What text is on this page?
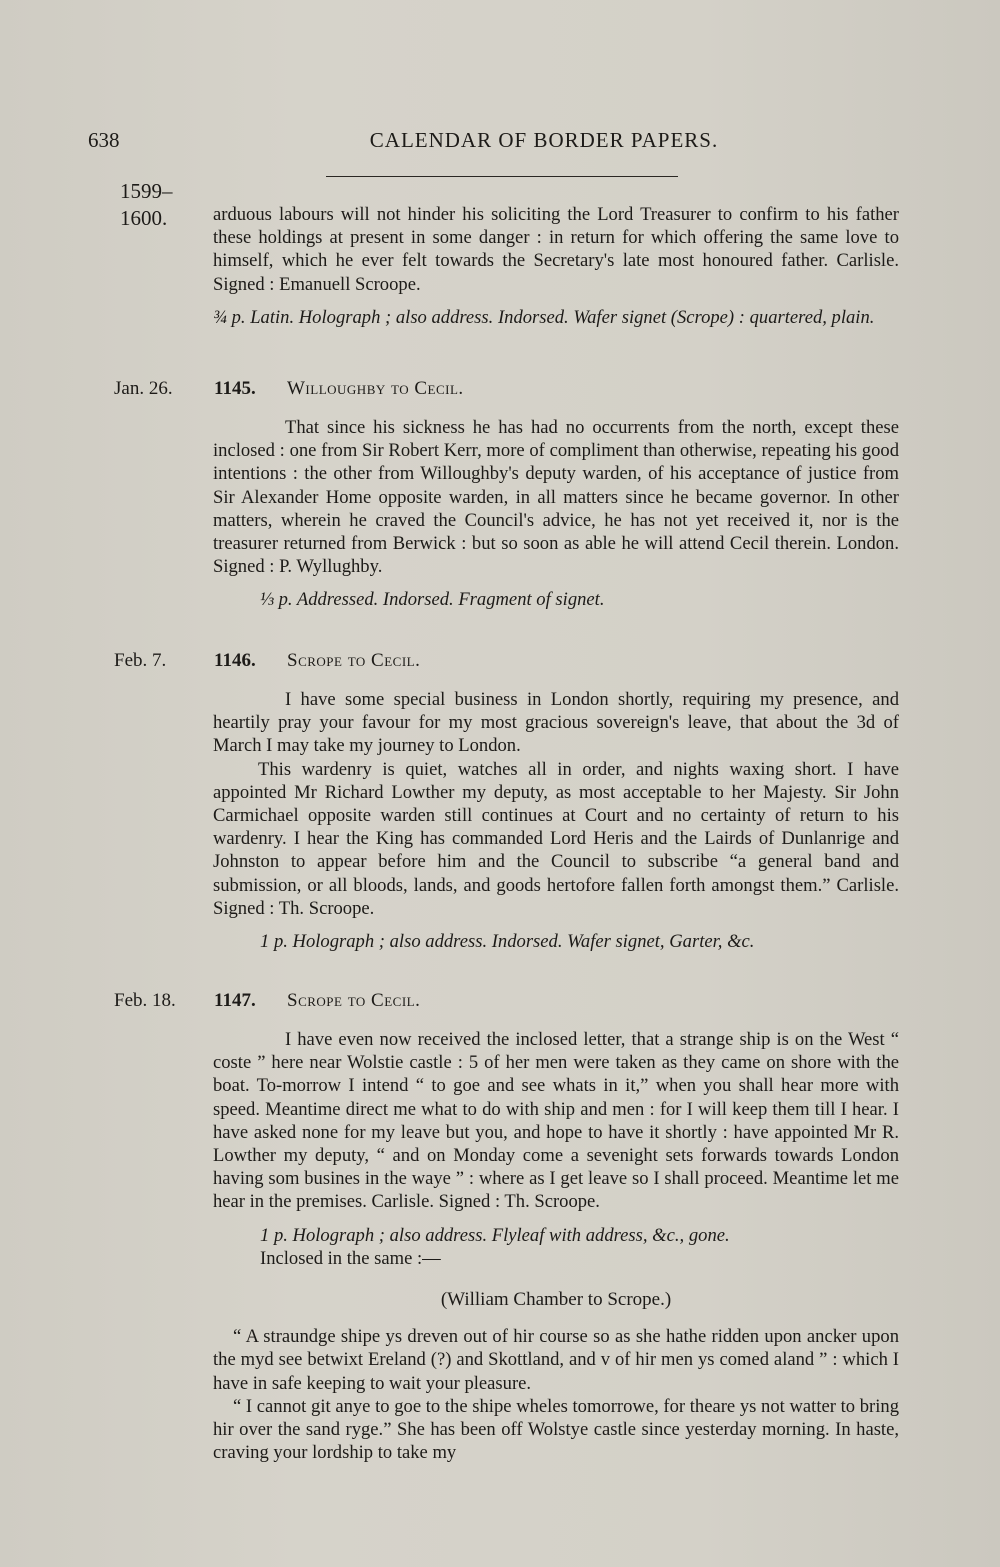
638	CALENDAR OF BORDER PAPERS.
1599–
1600. arduous labours will not hinder his soliciting the Lord Treasurer to confirm to his father these holdings at present in some danger : in return for which offering the same love to himself, which he ever felt towards the Secretary's late most honoured father. Carlisle. Signed : Emanuell Scroope.

¾ p. Latin. Holograph ; also address. Indorsed. Wafer signet (Scrope) : quartered, plain.

Jan. 26. 1145. Willoughby to Cecil.

That since his sickness he has had no occurrents from the north, except these inclosed : one from Sir Robert Kerr, more of compliment than otherwise, repeating his good intentions : the other from Willoughby's deputy warden, of his acceptance of justice from Sir Alexander Home opposite warden, in all matters since he became governor. In other matters, wherein he craved the Council's advice, he has not yet received it, nor is the treasurer returned from Berwick : but so soon as able he will attend Cecil therein. London. Signed : P. Wyllughby.

⅓ p. Addressed. Indorsed. Fragment of signet.

Feb. 7.	1146. Scrope to Cecil.

I have some special business in London shortly, requiring my presence, and heartily pray your favour for my most gracious sovereign's leave, that about the 3d of March I may take my journey to London.

This wardenry is quiet, watches all in order, and nights waxing short. I have appointed Mr Richard Lowther my deputy, as most acceptable to her Majesty. Sir John Carmichael opposite warden still continues at Court and no certainty of return to his wardenry. I hear the King has commanded Lord Heris and the Lairds of Dunlanrige and Johnston to appear before him and the Council to subscribe “a general band and submission, or all bloods, lands, and goods hertofore fallen forth amongst them.” Carlisle. Signed : Th. Scroope.

1 p. Holograph ; also address. Indorsed. Wafer signet, Garter, &c.

Feb. 18. 1147. Scrope to Cecil.

I have even now received the inclosed letter, that a strange ship is on the West “ coste ” here near Wolstie castle : 5 of her men were taken as they came on shore with the boat. To-morrow I intend “ to goe and see whats in it,” when you shall hear more with speed. Meantime direct me what to do with ship and men : for I will keep them till I hear. I have asked none for my leave but you, and hope to have it shortly : have appointed Mr R. Lowther my deputy, “ and on Monday come a sevenight sets forwards towards London having som busines in the waye ” : where as I get leave so I shall proceed. Meantime let me hear in the premises. Carlisle. Signed : Th. Scroope.

1 p. Holograph ; also address. Flyleaf with address, &c., gone.

Inclosed in the same :—

(William Chamber to Scrope.)

“ A straundge shipe ys dreven out of hir course so as she hathe ridden upon ancker upon the myd see betwixt Ereland (?) and Skottland, and v of hir men ys comed aland ” : which I have in safe keeping to wait your pleasure.

“ I cannot git anye to goe to the shipe wheles tomorrowe, for theare ys not watter to bring hir over the sand ryge.” She has been off Wolstye castle since yesterday morning. In haste, craving your lordship to take my
